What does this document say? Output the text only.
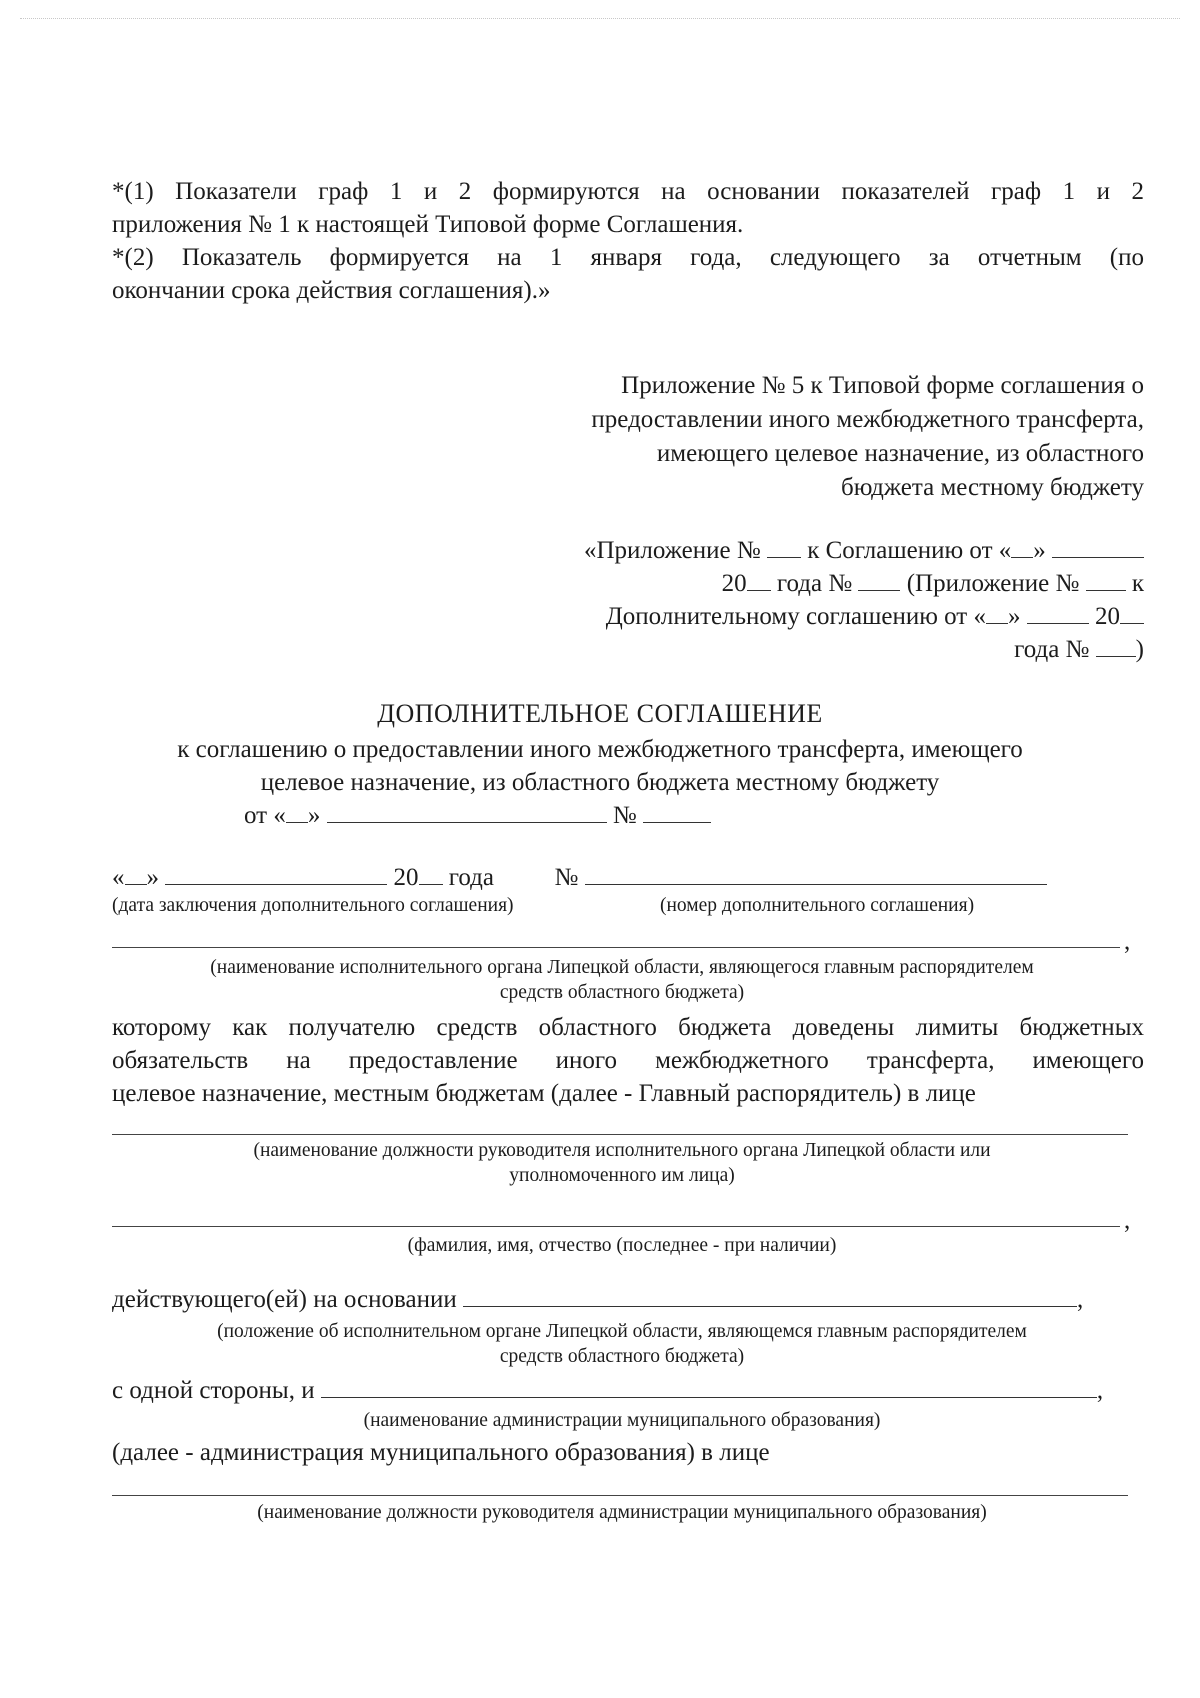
*(1) Показатели граф 1 и 2 формируются на основании показателей граф 1 и 2
приложения № 1 к настоящей Типовой форме Соглашения.
*(2) Показатель формируется на 1 января года, следующего за отчетным (по
окончании срока действия соглашения).»
Приложение № 5 к Типовой форме соглашения о
предоставлении иного межбюджетного трансферта,
имеющего целевое назначение, из областного
бюджета местному бюджету
«Приложение № к Соглашению от « »
20 года № (Приложение № к
Дополнительному соглашению от « »	20
года № )
ДОПОЛНИТЕЛЬНОЕ СОГЛАШЕНИЕ
к соглашению о предоставлении иного межбюджетного трансферта, имеющего
целевое назначение, из областного бюджета местному бюджету
от « »	№
« »	20 года №
(дата заключения дополнительного соглашения)	(номер дополнительного соглашения)
,
(наименование исполнительного органа Липецкой области, являющегося главным распорядителем
средств областного бюджета)
которому как получателю средств областного бюджета доведены лимиты бюджетных
обязательств на предоставление иного межбюджетного трансферта, имеющего
целевое назначение, местным бюджетам (далее - Главный распорядитель) в лице
(наименование должности руководителя исполнительного органа Липецкой области или
уполномоченного им лица)
,
(фамилия, имя, отчество (последнее - при наличии)
действующего(ей) на основании	,
(положение об исполнительном органе Липецкой области, являющемся главным распорядителем
средств областного бюджета)
с одной стороны, и	,
(наименование администрации муниципального образования)
(далее - администрация муниципального образования) в лице
(наименование должности руководителя администрации муниципального образования)
